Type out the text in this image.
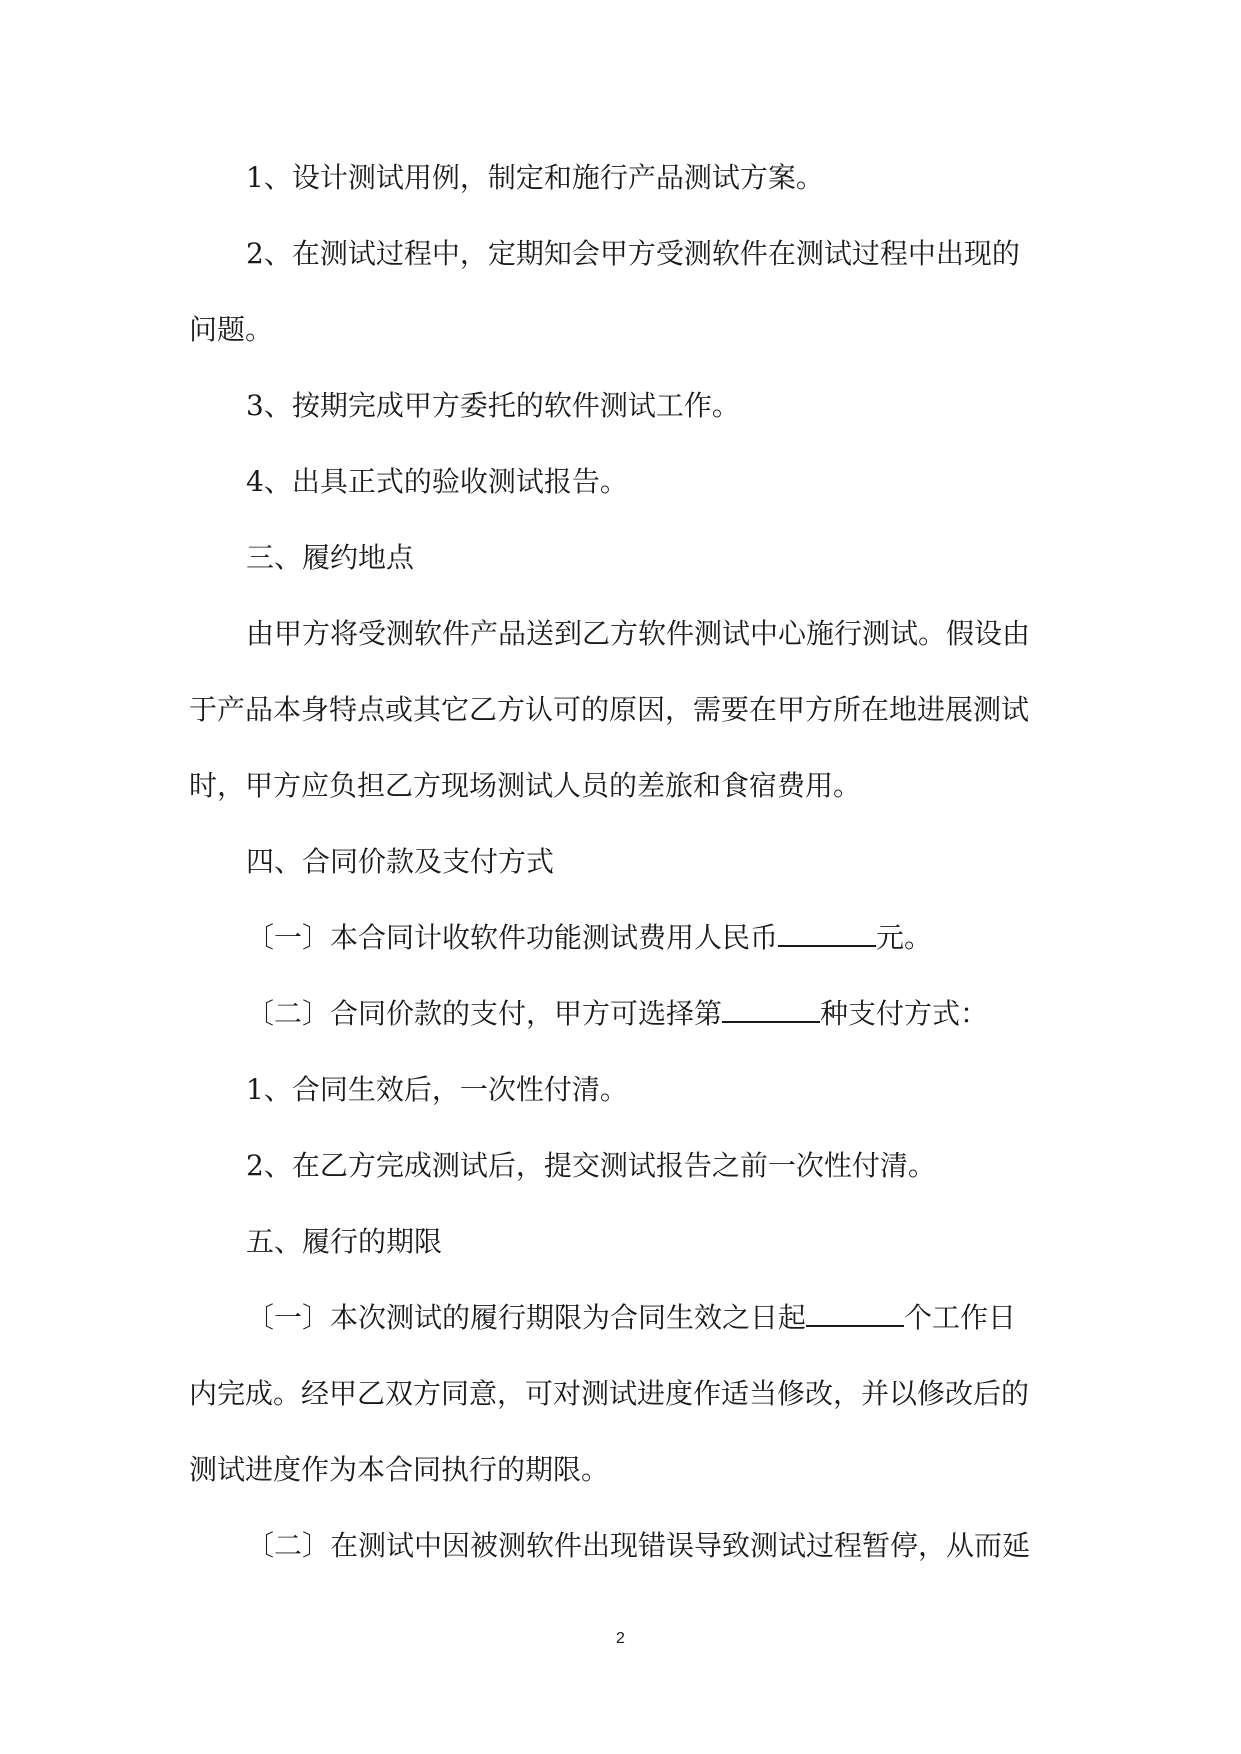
1、设计测试用例，制定和施行产品测试方案。
2、在测试过程中，定期知会甲方受测软件在测试过程中出现的
问题。
3、按期完成甲方委托的软件测试工作。
4、出具正式的验收测试报告。
三、履约地点
由甲方将受测软件产品送到乙方软件测试中心施行测试。假设由
于产品本身特点或其它乙方认可的原因，需要在甲方所在地进展测试
时，甲方应负担乙方现场测试人员的差旅和食宿费用。
四、合同价款及支付方式
〔一〕本合同计收软件功能测试费用人民币	元。
〔二〕合同价款的支付，甲方可选择第	种支付方式：
1、合同生效后，一次性付清。
2、在乙方完成测试后，提交测试报告之前一次性付清。
五、履行的期限
〔一〕本次测试的履行期限为合同生效之日起	个工作日
内完成。经甲乙双方同意，可对测试进度作适当修改，并以修改后的
测试进度作为本合同执行的期限。
〔二〕在测试中因被测软件出现错误导致测试过程暂停，从而延
2
